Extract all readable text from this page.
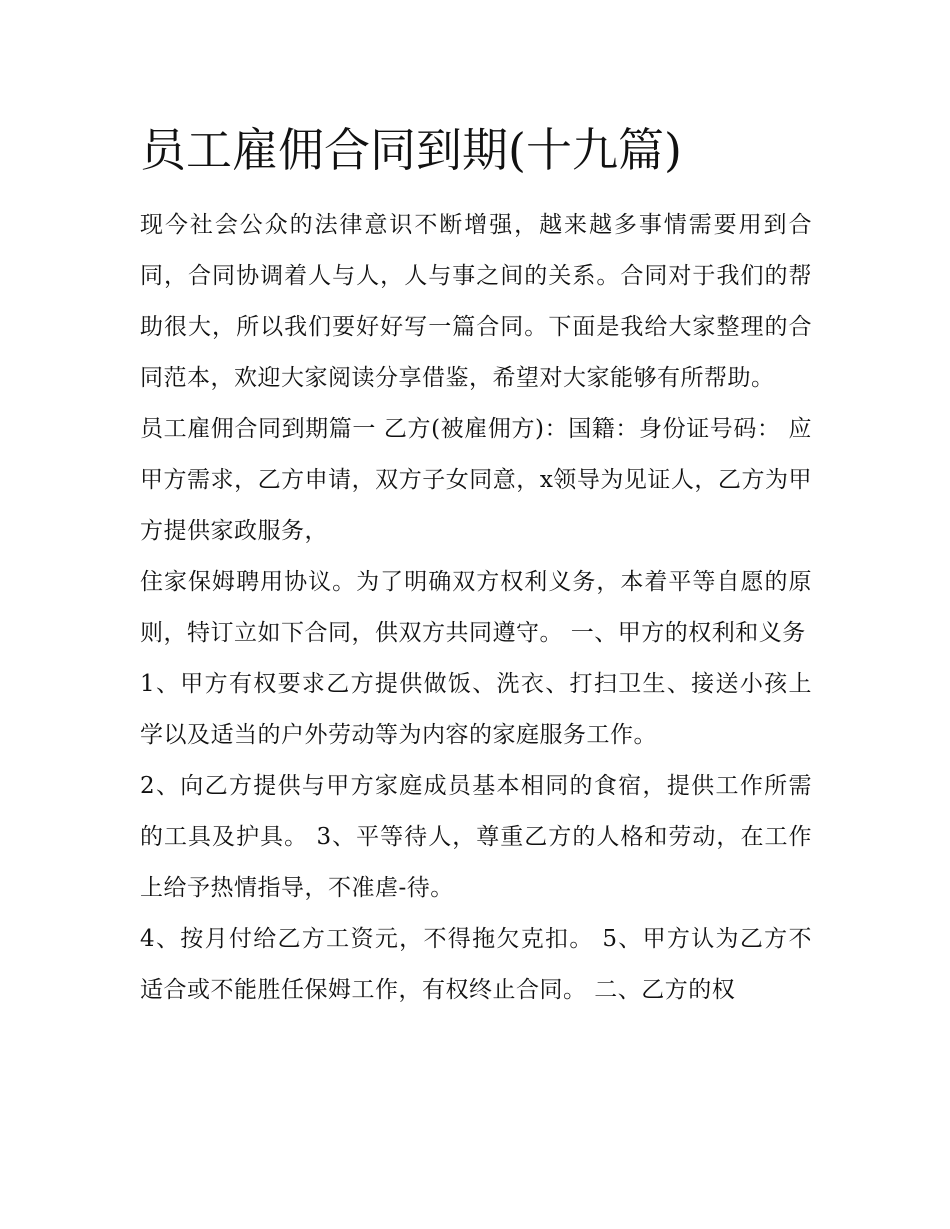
员工雇佣合同到期(十九篇)

现今社会公众的法律意识不断增强，越来越多事情需要用到合同，合同协调着人与人，人与事之间的关系。合同对于我们的帮助很大，所以我们要好好写一篇合同。下面是我给大家整理的合同范本，欢迎大家阅读分享借鉴，希望对大家能够有所帮助。

员工雇佣合同到期篇一 乙方(被雇佣方)：国籍：身份证号码： 应甲方需求，乙方申请，双方子女同意，x领导为见证人，乙方为甲方提供家政服务，

住家保姆聘用协议。为了明确双方权利义务，本着平等自愿的原则，特订立如下合同，供双方共同遵守。 一、甲方的权利和义务

1、甲方有权要求乙方提供做饭、洗衣、打扫卫生、接送小孩上学以及适当的户外劳动等为内容的家庭服务工作。

2、向乙方提供与甲方家庭成员基本相同的食宿，提供工作所需的工具及护具。 3、平等待人，尊重乙方的人格和劳动，在工作上给予热情指导，不准虐-待。

4、按月付给乙方工资元，不得拖欠克扣。 5、甲方认为乙方不适合或不能胜任保姆工作，有权终止合同。 二、乙方的权
